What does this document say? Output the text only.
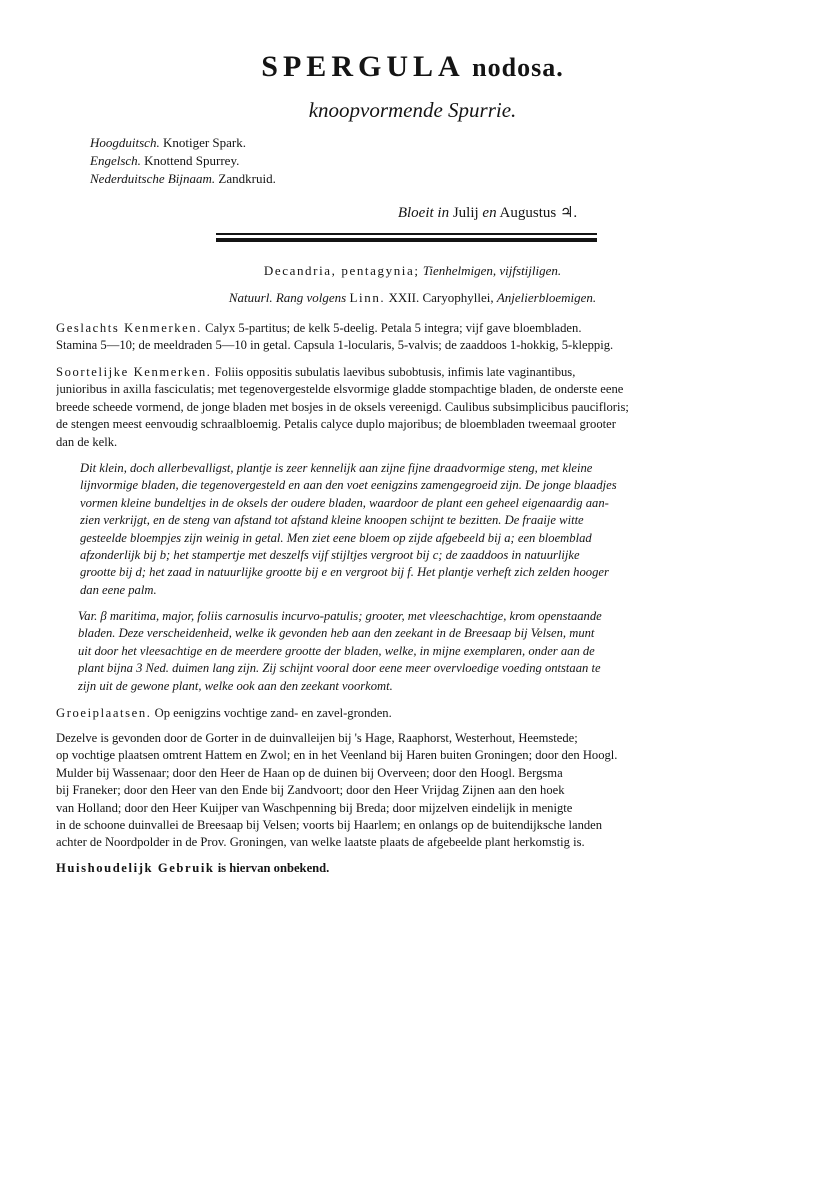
SPERGULA nodosa.
knoopvormende Spurrie.
Hoogduitsch. Knotiger Spark.
Engelsch. Knottend Spurrey.
Nederduitsche Bijnaam. Zandkruid.
Bloeit in Julij en Augustus ♃.
Decandria, pentagynia; Tienhelmigen, vijfstijligen.
Natuurl. Rang volgens Linn. XXII. Caryophyllei, Anjelierbloemigen.
Geslachts Kenmerken. Calyx 5-partitus; de kelk 5-deelig. Petala 5 integra; vijf gave bloembladen.
Stamina 5—10; de meeldraden 5—10 in getal. Capsula 1-locularis, 5-valvis; de zaaddoos 1-hokkig, 5-kleppig.
Soortelijke Kenmerken. Foliis oppositis subulatis laevibus subobtusis, infimis late vaginantibus,
junioribus in axilla fasciculatis; met tegenovergestelde elsvormige gladde stompachtige bladen, de onderste eene
breede scheede vormend, de jonge bladen met bosjes in de oksels vereenigd. Caulibus subsimplicibus paucifloris;
de stengen meest eenvoudig schraalbloemig. Petalis calyce duplo majoribus; de bloembladen tweemaal grooter
dan de kelk.
Dit klein, doch allerbevalligst, plantje is zeer kennelijk aan zijne fijne draadvormige steng, met kleine
lijnvormige bladen, die tegenovergesteld en aan den voet eenigzins zamengegroeid zijn. De jonge blaadjes
vormen kleine bundeltjes in de oksels der oudere bladen, waardoor de plant een geheel eigenaardig aan-
zien verkrijgt, en de steng van afstand tot afstand kleine knoopen schijnt te bezitten. De fraaije witte
gesteelde bloempjes zijn weinig in getal. Men ziet eene bloem op zijde afgebeeld bij a; een bloemblad
afzonderlijk bij b; het stampertje met deszelfs vijf stijltjes vergroot bij c; de zaaddoos in natuurlijke
grootte bij d; het zaad in natuurlijke grootte bij e en vergroot bij f. Het plantje verheft zich zelden hooger
dan eene palm.
Var. β maritima, major, foliis carnosulis incurvo-patulis; grooter, met vleeschachtige, krom openstaande
bladen. Deze verscheidenheid, welke ik gevonden heb aan den zeekant in de Breesaap bij Velsen, munt
uit door het vleesachtige en de meerdere grootte der bladen, welke, in mijne exemplaren, onder aan de
plant bijna 3 Ned. duimen lang zijn. Zij schijnt vooral door eene meer overvloedige voeding ontstaan te
zijn uit de gewone plant, welke ook aan den zeekant voorkomt.
Groeiplaatsen. Op eenigzins vochtige zand- en zavel-gronden.
Dezelve is gevonden door de Gorter in de duinvalleijen bij 's Hage, Raaphorst, Westerhout, Heemstede;
op vochtige plaatsen omtrent Hattem en Zwol; en in het Veenland bij Haren buiten Groningen; door den Hoogl.
Mulder bij Wassenaar; door den Heer de Haan op de duinen bij Overveen; door den Hoogl. Bergsma
bij Franeker; door den Heer van den Ende bij Zandvoort; door den Heer Vrijdag Zijnen aan den hoek
van Holland; door den Heer Kuijper van Waschpenning bij Breda; door mijzelven eindelijk in menigte
in de schoone duinvallei de Breesaap bij Velsen; voorts bij Haarlem; en onlangs op de buitendijksche landen
achter de Noordpolder in de Prov. Groningen, van welke laatste plaats de afgebeelde plant herkomstig is.
Huishoudelijk Gebruik is hiervan onbekend.
